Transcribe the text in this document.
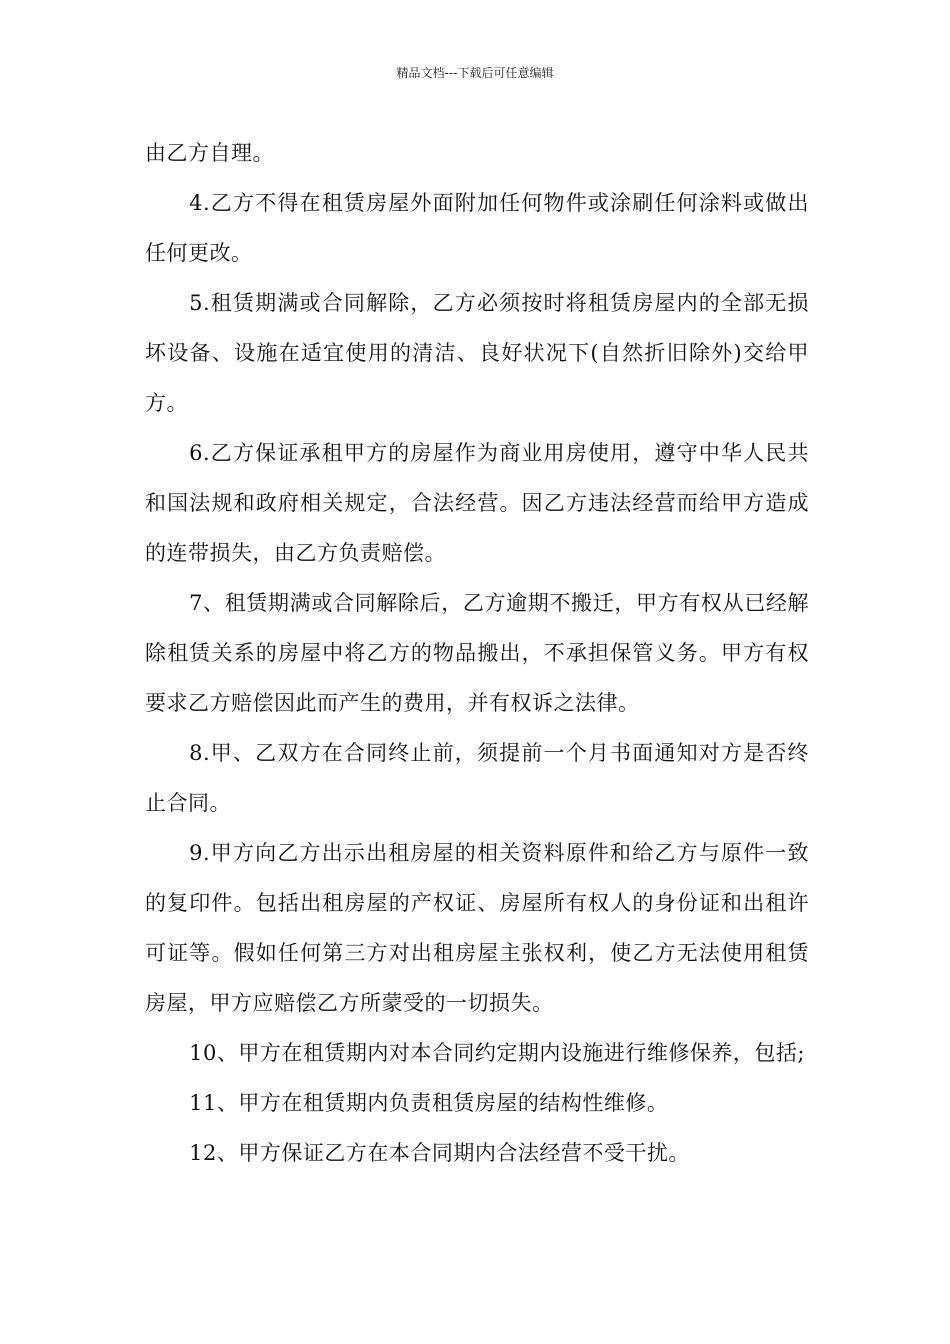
精品文档---下载后可任意编辑

由乙方自理。

4.乙方不得在租赁房屋外面附加任何物件或涂刷任何涂料或做出任何更改。

5.租赁期满或合同解除，乙方必须按时将租赁房屋内的全部无损坏设备、设施在适宜使用的清洁、良好状况下(自然折旧除外)交给甲方。

6.乙方保证承租甲方的房屋作为商业用房使用，遵守中华人民共和国法规和政府相关规定，合法经营。因乙方违法经营而给甲方造成的连带损失，由乙方负责赔偿。

7、租赁期满或合同解除后，乙方逾期不搬迁，甲方有权从已经解除租赁关系的房屋中将乙方的物品搬出，不承担保管义务。甲方有权要求乙方赔偿因此而产生的费用，并有权诉之法律。

8.甲、乙双方在合同终止前，须提前一个月书面通知对方是否终止合同。

9.甲方向乙方出示出租房屋的相关资料原件和给乙方与原件一致的复印件。包括出租房屋的产权证、房屋所有权人的身份证和出租许可证等。假如任何第三方对出租房屋主张权利，使乙方无法使用租赁房屋，甲方应赔偿乙方所蒙受的一切损失。

10、甲方在租赁期内对本合同约定期内设施进行维修保养，包括;

11、甲方在租赁期内负责租赁房屋的结构性维修。

12、甲方保证乙方在本合同期内合法经营不受干扰。
